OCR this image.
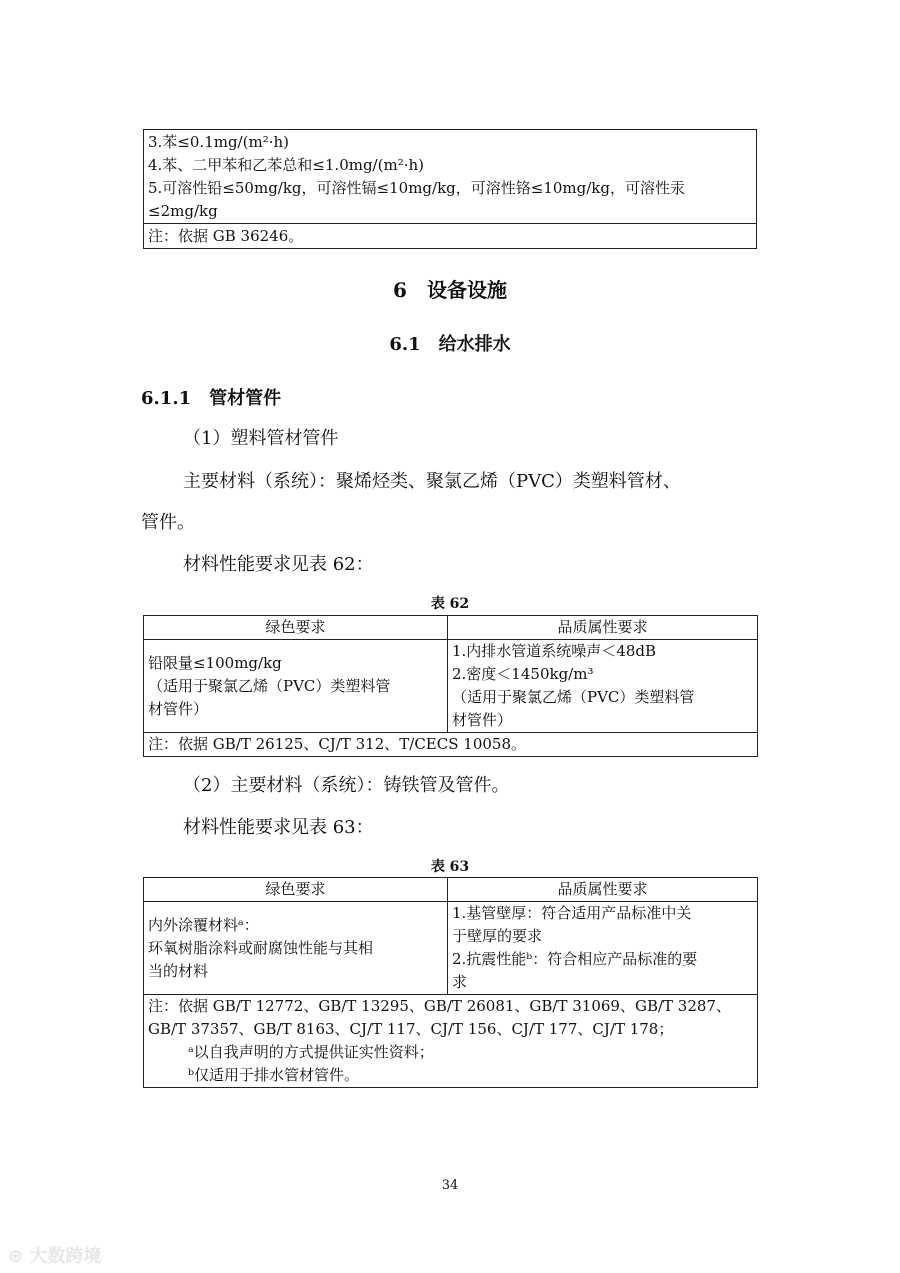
3.苯≤0.1mg/(m²·h)
4.苯、二甲苯和乙苯总和≤1.0mg/(m²·h)
5.可溶性铅≤50mg/kg，可溶性镉≤10mg/kg，可溶性铬≤10mg/kg，可溶性汞
≤2mg/kg

注：依据 GB 36246。
6　设备设施
6.1　给水排水
6.1.1　管材管件
（1）塑料管材管件
主要材料（系统）：聚烯烃类、聚氯乙烯（PVC）类塑料管材、
管件。
材料性能要求见表 62：
表 62
绿色要求	品质属性要求

铅限量≤100mg/kg
（适用于聚氯乙烯（PVC）类塑料管
材管件）	1.内排水管道系统噪声＜48dB
2.密度＜1450kg/m³
（适用于聚氯乙烯（PVC）类塑料管
材管件）

注：依据 GB/T 26125、CJ/T 312、T/CECS 10058。	
（2）主要材料（系统）：铸铁管及管件。
材料性能要求见表 63：
表 63
绿色要求	品质属性要求

内外涂覆材料ᵃ：
环氧树脂涂料或耐腐蚀性能与其相
当的材料	1.基管壁厚：符合适用产品标准中关
于壁厚的要求
2.抗震性能ᵇ：符合相应产品标准的要
求

注：依据 GB/T 12772、GB/T 13295、GB/T 26081、GB/T 31069、GB/T 3287、
GB/T 37357、GB/T 8163、CJ/T 117、CJ/T 156、CJ/T 177、CJ/T 178；
ᵃ以自我声明的方式提供证实性资料；
ᵇ仅适用于排水管材管件。	
34
⊛ 大数跨境
